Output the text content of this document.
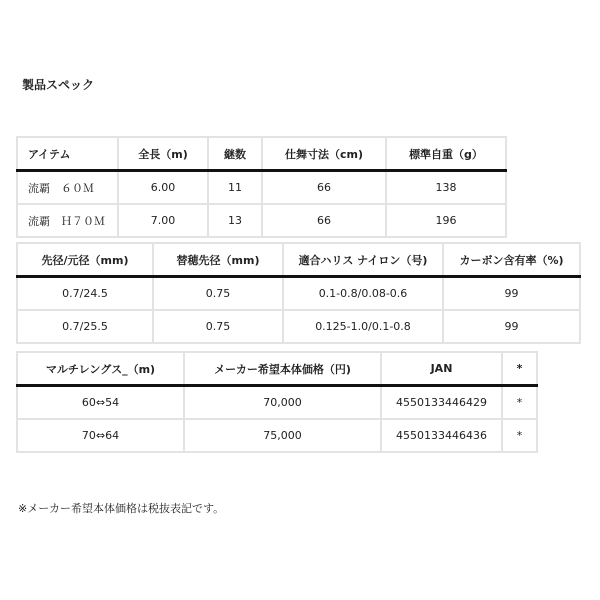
製品スペック
アイテム	全長（m)	継数	仕舞寸法（cm)	標準自重（g）
流覇　６０Ｍ	6.00	11	66	138
流覇　Ｈ７０Ｍ	7.00	13	66	196
先径/元径（mm)	替穂先径（mm)	適合ハリス ナイロン（号)	カーボン含有率（%)
0.7/24.5	0.75	0.1-0.8/0.08-0.6	99
0.7/25.5	0.75	0.125-1.0/0.1-0.8	99
マルチレングス_（m)	メーカー希望本体価格（円)	JAN	*
60⇔54	70,000	4550133446429	*
70⇔64	75,000	4550133446436	*
※メーカー希望本体価格は税抜表記です。
